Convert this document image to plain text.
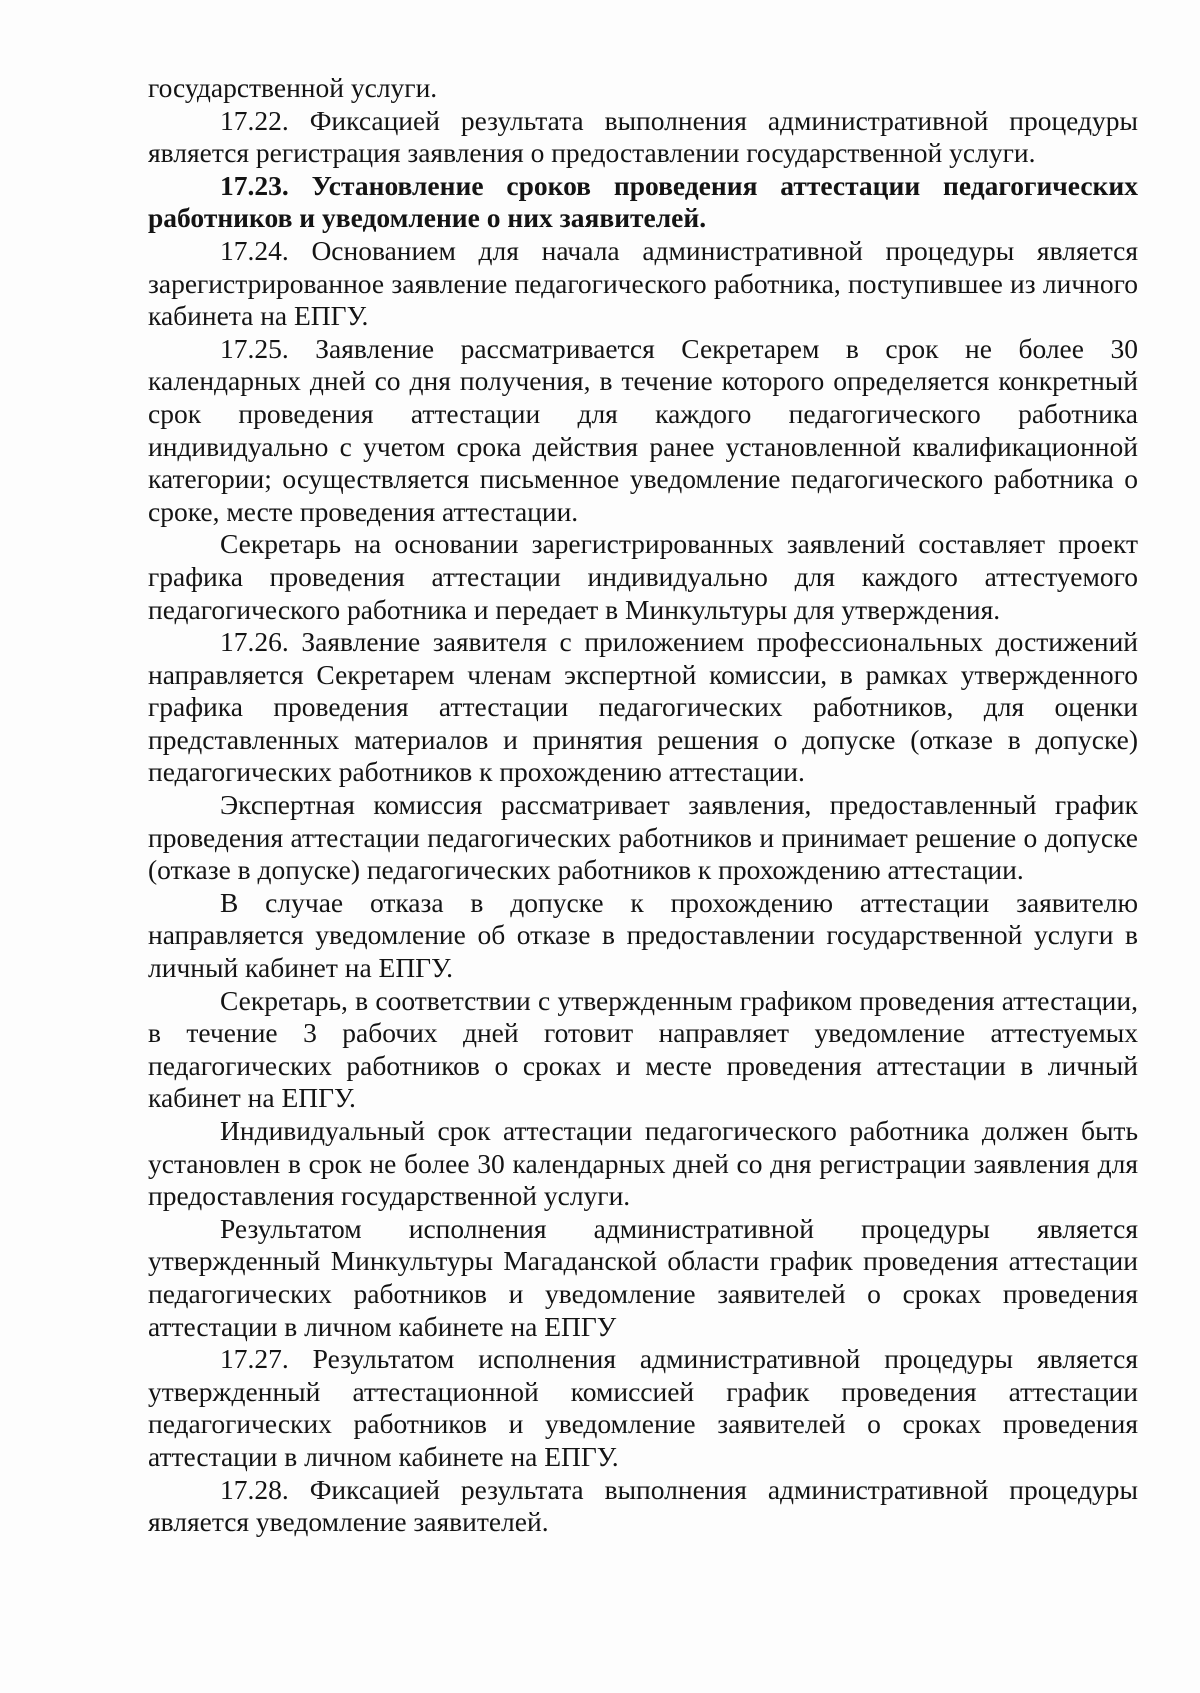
государственной услуги.

17.22. Фиксацией результата выполнения административной процедуры является регистрация заявления о предоставлении государственной услуги.

17.23. Установление сроков проведения аттестации педагогических работников и уведомление о них заявителей.

17.24. Основанием для начала административной процедуры является зарегистрированное заявление педагогического работника, поступившее из личного кабинета на ЕПГУ.

17.25. Заявление рассматривается Секретарем в срок не более 30 календарных дней со дня получения, в течение которого определяется конкретный срок проведения аттестации для каждого педагогического работника индивидуально с учетом срока действия ранее установленной квалификационной категории; осуществляется письменное уведомление педагогического работника о сроке, месте проведения аттестации.

Секретарь на основании зарегистрированных заявлений составляет проект графика проведения аттестации индивидуально для каждого аттестуемого педагогического работника и передает в Минкультуры для утверждения.

17.26. Заявление заявителя с приложением профессиональных достижений направляется Секретарем членам экспертной комиссии, в рамках утвержденного графика проведения аттестации педагогических работников, для оценки представленных материалов и принятия решения о допуске (отказе в допуске) педагогических работников к прохождению аттестации.

Экспертная комиссия рассматривает заявления, предоставленный график проведения аттестации педагогических работников и принимает решение о допуске (отказе в допуске) педагогических работников к прохождению аттестации.

В случае отказа в допуске к прохождению аттестации заявителю направляется уведомление об отказе в предоставлении государственной услуги в личный кабинет на ЕПГУ.

Секретарь, в соответствии с утвержденным графиком проведения аттестации, в течение 3 рабочих дней готовит направляет уведомление аттестуемых педагогических работников о сроках и месте проведения аттестации в личный кабинет на ЕПГУ.

Индивидуальный срок аттестации педагогического работника должен быть установлен в срок не более 30 календарных дней со дня регистрации заявления для предоставления государственной услуги.

Результатом исполнения административной процедуры является утвержденный Минкультуры Магаданской области график проведения аттестации педагогических работников и уведомление заявителей о сроках проведения аттестации в личном кабинете на ЕПГУ

17.27. Результатом исполнения административной процедуры является утвержденный аттестационной комиссией график проведения аттестации педагогических работников и уведомление заявителей о сроках проведения аттестации в личном кабинете на ЕПГУ.

17.28. Фиксацией результата выполнения административной процедуры является уведомление заявителей.
